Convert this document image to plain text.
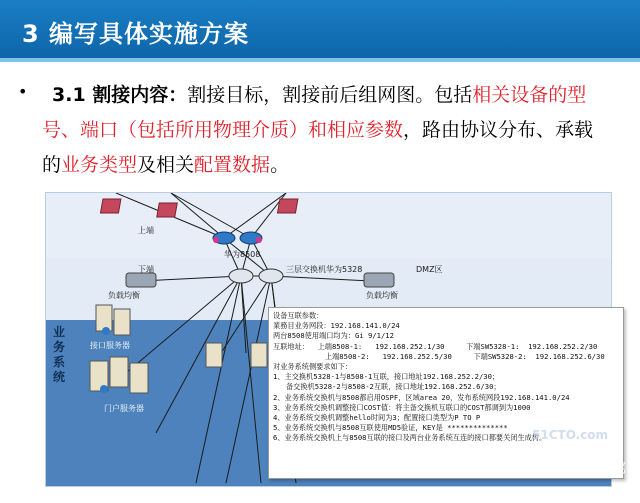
3 编写具体实施方案
•	3.1 割接内容：割接目标，割接前后组网图。包括相关设备的型号、端口（包括所用物理介质）和相应参数，路由协议分布、承载的业务类型及相关配置数据。
上端
华为8508
下端	三层交换机华为5328	DMZ区
负载均衡	负载均衡
业务系统
接口服务器
门户服务器
设备互联参数：
業務目业务网段：192.168.141.0/24
两台8508使用端口均为：Gi 9/1/12
互联地址：  上端8508-1:   192.168.252.1/30     下端SW5328-1:  192.168.252.2/30
上端8508-2:   192.168.252.5/30     下端SW5328-2:  192.168.252.6/30
对业务系统侧要求如下：
1、主交换机5328-1与8508-1互联，接口地址192.168.252.2/30；
备交换机5328-2与8508-2互联，接口地址192.168.252.6/30；
2、业务系统交换机与8508都启用OSPF，区域area 20，发布系统网段192.168.141.0/24
3、业务系统交换机调整接口COST值：将主备交换机互联口的COST都调到为1000
4、业务系统交换机调整hello时间为3；配置接口类型为P TO P
5、业务系统交换机与8508互联使用MD5验证，KEY是 **************
6、业务系统交换机上与8508互联的接口及两台业务系统互连的接口都要关闭生成树。
51CTO.com
知乎 @网络运维俱乐部
